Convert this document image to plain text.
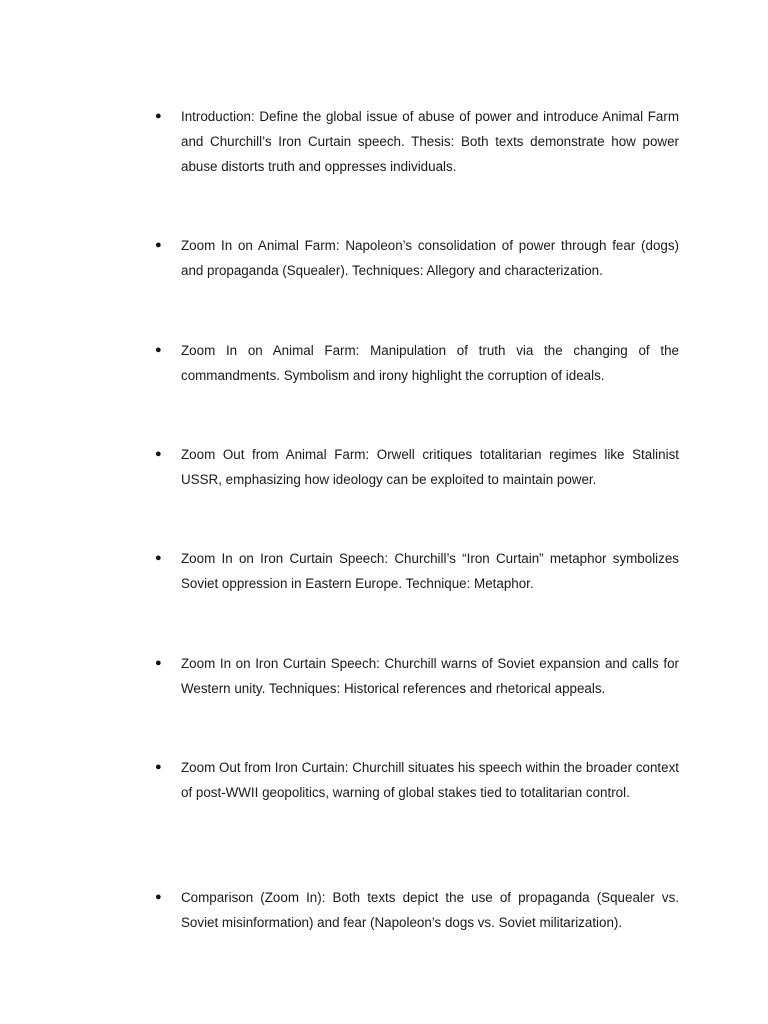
●	Introduction: Define the global issue of abuse of power and introduce Animal Farm and Churchill’s Iron Curtain speech. Thesis: Both texts demonstrate how power abuse distorts truth and oppresses individuals.
●	Zoom In on Animal Farm: Napoleon’s consolidation of power through fear (dogs) and propaganda (Squealer). Techniques: Allegory and characterization.
●	Zoom In on Animal Farm: Manipulation of truth via the changing of the commandments. Symbolism and irony highlight the corruption of ideals.
●	Zoom Out from Animal Farm: Orwell critiques totalitarian regimes like Stalinist USSR, emphasizing how ideology can be exploited to maintain power.
●	Zoom In on Iron Curtain Speech: Churchill’s “Iron Curtain” metaphor symbolizes Soviet oppression in Eastern Europe. Technique: Metaphor.
●	Zoom In on Iron Curtain Speech: Churchill warns of Soviet expansion and calls for Western unity. Techniques: Historical references and rhetorical appeals.
●	Zoom Out from Iron Curtain: Churchill situates his speech within the broader context of post-WWII geopolitics, warning of global stakes tied to totalitarian control.
●	Comparison (Zoom In): Both texts depict the use of propaganda (Squealer vs. Soviet misinformation) and fear (Napoleon’s dogs vs. Soviet militarization).
